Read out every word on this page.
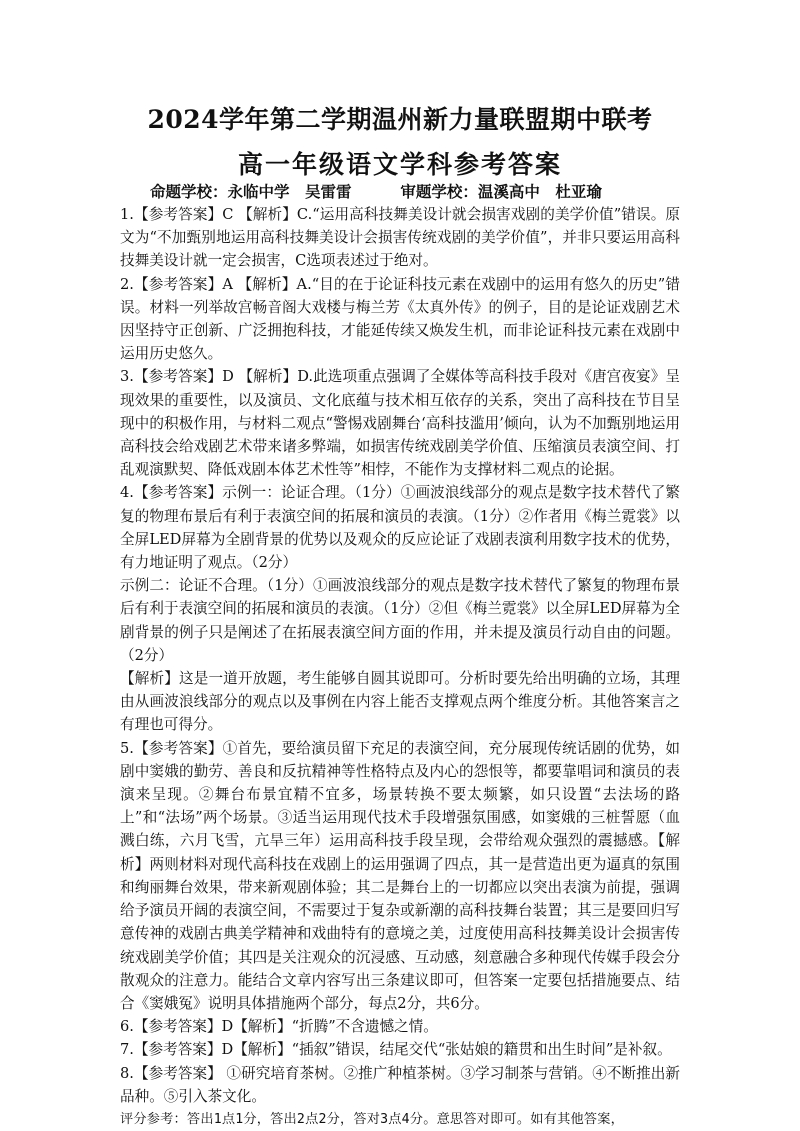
2024学年第二学期温州新力量联盟期中联考
高一年级语文学科参考答案
命题学校：永临中学　吴雷雷	审题学校：温溪高中　杜亚瑜

1.【参考答案】C 【解析】C.“运用高科技舞美设计就会损害戏剧的美学价值”错误。原文为“不加甄别地运用高科技舞美设计会损害传统戏剧的美学价值”，并非只要运用高科技舞美设计就一定会损害，C选项表述过于绝对。

2.【参考答案】A 【解析】A.“目的在于论证科技元素在戏剧中的运用有悠久的历史”错误。材料一列举故宫畅音阁大戏楼与梅兰芳《太真外传》的例子，目的是论证戏剧艺术因坚持守正创新、广泛拥抱科技，才能延传续又焕发生机，而非论证科技元素在戏剧中运用历史悠久。

3.【参考答案】D 【解析】D.此选项重点强调了全媒体等高科技手段对《唐宫夜宴》呈现效果的重要性，以及演员、文化底蕴与技术相互依存的关系，突出了高科技在节目呈现中的积极作用，与材料二观点“警惕戏剧舞台‘高科技滥用’倾向，认为不加甄别地运用高科技会给戏剧艺术带来诸多弊端，如损害传统戏剧美学价值、压缩演员表演空间、打乱观演默契、降低戏剧本体艺术性等”相悖，不能作为支撑材料二观点的论据。

4.【参考答案】示例一：论证合理。（1分）①画波浪线部分的观点是数字技术替代了繁复的物理布景后有利于表演空间的拓展和演员的表演。（1分）②作者用《梅兰霓裳》以全屏LED屏幕为全剧背景的优势以及观众的反应论证了戏剧表演利用数字技术的优势，有力地证明了观点。（2分）

示例二：论证不合理。（1分）①画波浪线部分的观点是数字技术替代了繁复的物理布景后有利于表演空间的拓展和演员的表演。（1分）②但《梅兰霓裳》以全屏LED屏幕为全剧背景的例子只是阐述了在拓展表演空间方面的作用，并未提及演员行动自由的问题。（2分）

【解析】这是一道开放题，考生能够自圆其说即可。分析时要先给出明确的立场，其理由从画波浪线部分的观点以及事例在内容上能否支撑观点两个维度分析。其他答案言之有理也可得分。

5.【参考答案】①首先，要给演员留下充足的表演空间，充分展现传统话剧的优势，如剧中窦娥的勤劳、善良和反抗精神等性格特点及内心的怨恨等，都要靠唱词和演员的表演来呈现。②舞台布景宜精不宜多，场景转换不要太频繁，如只设置“去法场的路上”和“法场”两个场景。③适当运用现代技术手段增强氛围感，如窦娥的三桩誓愿（血溅白练，六月飞雪，亢旱三年）运用高科技手段呈现，会带给观众强烈的震撼感。【解析】两则材料对现代高科技在戏剧上的运用强调了四点，其一是营造出更为逼真的氛围和绚丽舞台效果，带来新观剧体验；其二是舞台上的一切都应以突出表演为前提，强调给予演员开阔的表演空间，不需要过于复杂或新潮的高科技舞台装置；其三是要回归写意传神的戏剧古典美学精神和戏曲特有的意境之美，过度使用高科技舞美设计会损害传统戏剧美学价值；其四是关注观众的沉浸感、互动感，刻意融合多种现代传媒手段会分散观众的注意力。能结合文章内容写出三条建议即可，但答案一定要包括措施要点、结合《窦娥冤》说明具体措施两个部分，每点2分，共6分。

6.【参考答案】D【解析】“折腾”不含遗憾之情。

7.【参考答案】D【解析】“插叙”错误，结尾交代“张姑娘的籍贯和出生时间”是补叙。

8.【参考答案】 ①研究培育茶树。②推广种植茶树。③学习制茶与营销。④不断推出新品种。⑤引入茶文化。

评分参考：答出1点1分，答出2点2分，答对3点4分。意思答对即可。如有其他答案，
